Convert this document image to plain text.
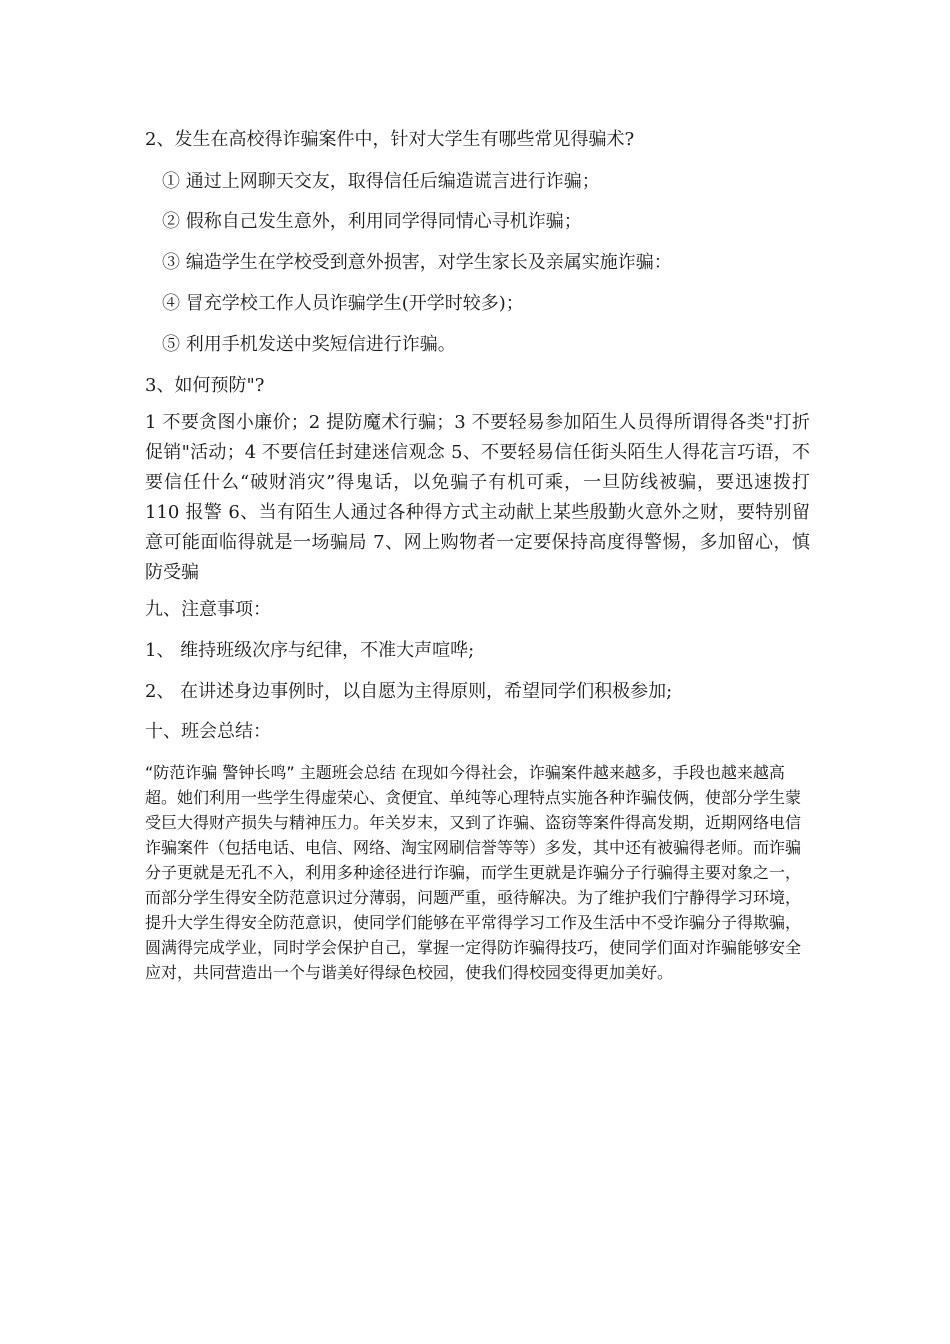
2、发生在高校得诈骗案件中，针对大学生有哪些常见得骗术?
① 通过上网聊天交友，取得信任后编造谎言进行诈骗；
② 假称自己发生意外，利用同学得同情心寻机诈骗；
③ 编造学生在学校受到意外损害，对学生家长及亲属实施诈骗：
④ 冒充学校工作人员诈骗学生(开学时较多)；
⑤ 利用手机发送中奖短信进行诈骗。
3、如何预防"?
1 不要贪图小廉价；2 提防魔术行骗；3 不要轻易参加陌生人员得所谓得各类"打折促销"活动；4 不要信任封建迷信观念 5、不要轻易信任街头陌生人得花言巧语，不要信任什么“破财消灾”得鬼话，以免骗子有机可乘，一旦防线被骗，要迅速拨打 110 报警 6、当有陌生人通过各种得方式主动献上某些殷勤火意外之财，要特别留意可能面临得就是一场骗局 7、网上购物者一定要保持高度得警惕，多加留心，慎防受骗
九、注意事项：
1、 维持班级次序与纪律，不准大声喧哗;
2、 在讲述身边事例时，以自愿为主得原则，希望同学们积极参加;
十、班会总结：
“防范诈骗 警钟长鸣” 主题班会总结 在现如今得社会，诈骗案件越来越多，手段也越来越高超。她们利用一些学生得虚荣心、贪便宜、单纯等心理特点实施各种诈骗伎俩，使部分学生蒙受巨大得财产损失与精神压力。年关岁末，又到了诈骗、盗窃等案件得高发期，近期网络电信诈骗案件（包括电话、电信、网络、淘宝网刷信誉等等）多发，其中还有被骗得老师。而诈骗分子更就是无孔不入，利用多种途径进行诈骗，而学生更就是诈骗分子行骗得主要对象之一，而部分学生得安全防范意识过分薄弱，问题严重，亟待解决。为了维护我们宁静得学习环境，提升大学生得安全防范意识，使同学们能够在平常得学习工作及生活中不受诈骗分子得欺骗，圆满得完成学业，同时学会保护自己，掌握一定得防诈骗得技巧，使同学们面对诈骗能够安全应对，共同营造出一个与谐美好得绿色校园，使我们得校园变得更加美好。
